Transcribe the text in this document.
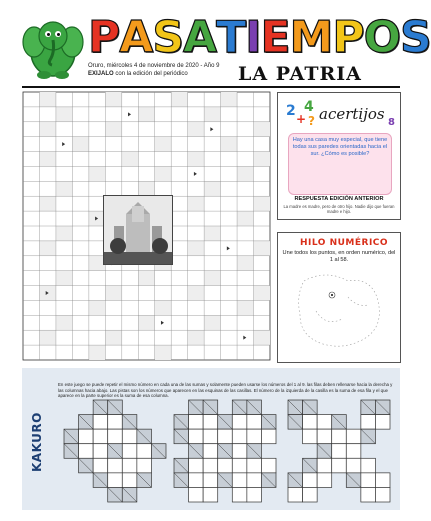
P A S A T I E M P O S
Oruro, miércoles 4 de noviembre de 2020 - Año 9
EXIJALO con la edición del periódico	LA PATRIA
2 +
4
?	8
acertijos
Hay una casa muy especial, que tiene todas sus paredes orientadas hacia el sur. ¿Cómo es posible?
RESPUESTA EDICIÓN ANTERIOR
La madre es madre, pero de otro hijo. Nadie dijo que fueran madre e hijo.
HILO NUMÉRICO
Une todos los puntos, en orden numérico, del 1 al 58.
KAKURO
En este juego se puede repetir el mismo número en cada una de las sumas y solamente pueden usarse los números del 1 al 9. las filas deben rellenarse hacia la derecha y las columnas hacia abajo. Las pistas son los números que aparecen en las esquinas de las casillas. El número de la izquierda de la casilla es la suma de esa fila y el que aparece en la parte superior es la suma de esa columna.
